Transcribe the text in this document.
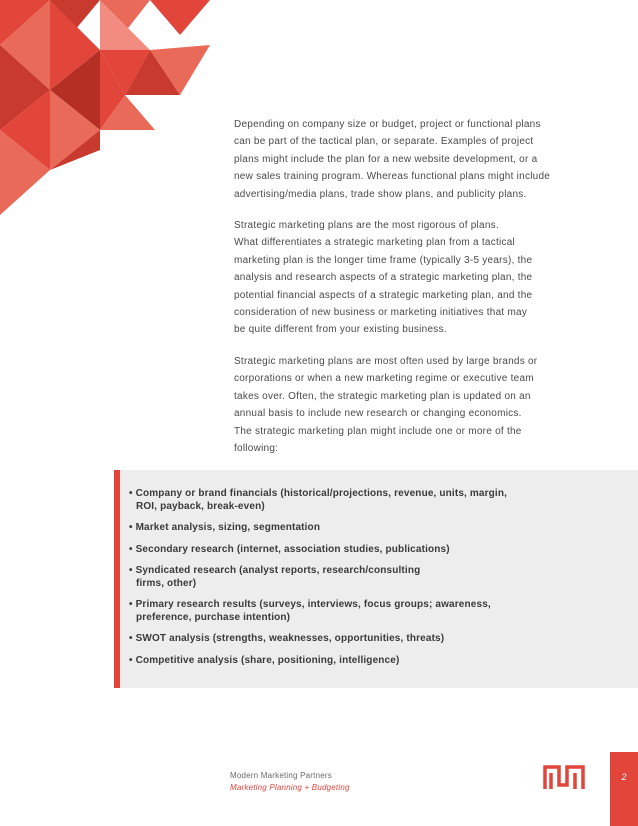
Depending on company size or budget, project or functional plans
can be part of the tactical plan, or separate. Examples of project
plans might include the plan for a new website development, or a
new sales training program. Whereas functional plans might include
advertising/media plans, trade show plans, and publicity plans.

Strategic marketing plans are the most rigorous of plans.
What differentiates a strategic marketing plan from a tactical
marketing plan is the longer time frame (typically 3-5 years), the
analysis and research aspects of a strategic marketing plan, the
potential financial aspects of a strategic marketing plan, and the
consideration of new business or marketing initiatives that may
be quite different from your existing business.

Strategic marketing plans are most often used by large brands or
corporations or when a new marketing regime or executive team
takes over. Often, the strategic marketing plan is updated on an
annual basis to include new research or changing economics.
The strategic marketing plan might include one or more of the
following:

• Company or brand financials (historical/projections, revenue, units, margin,
ROI, payback, break-even)
• Market analysis, sizing, segmentation
• Secondary research (internet, association studies, publications)
• Syndicated research (analyst reports, research/consulting
firms, other)
• Primary research results (surveys, interviews, focus groups; awareness,
preference, purchase intention)
• SWOT analysis (strengths, weaknesses, opportunities, threats)
• Competitive analysis (share, positioning, intelligence)
Modern Marketing Partners
Marketing Planning + Budgeting
2
